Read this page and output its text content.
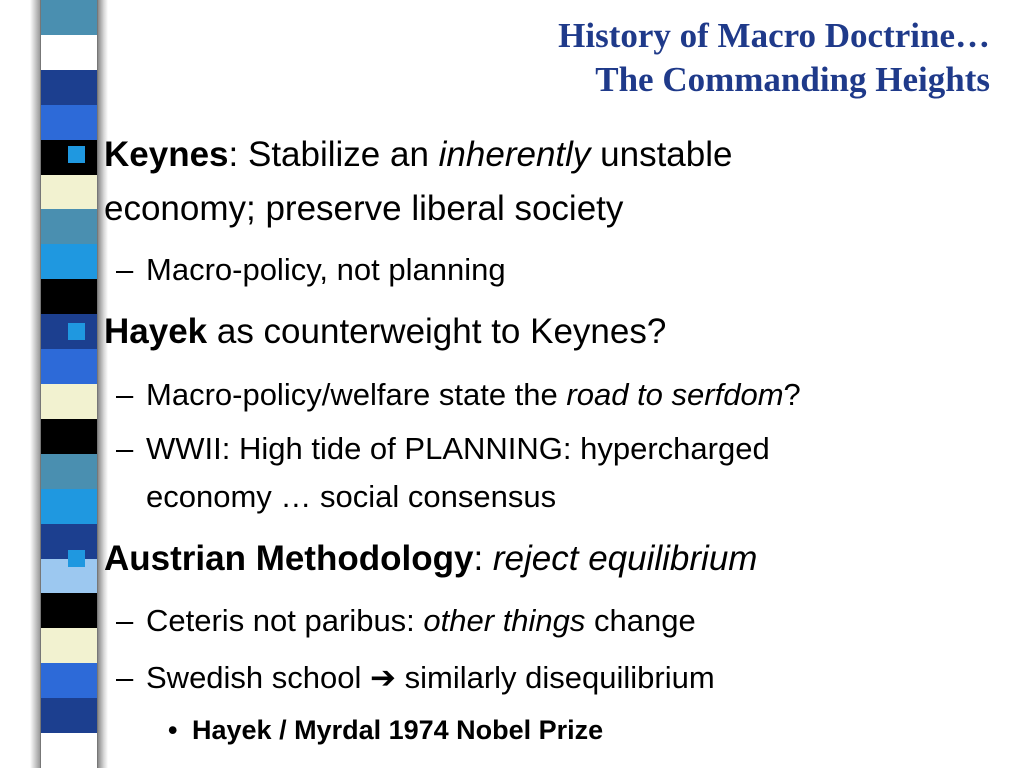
History of Macro Doctrine…
The Commanding Heights
Keynes: Stabilize an inherently unstable
economy; preserve liberal society
– Macro-policy, not planning
Hayek as counterweight to Keynes?
– Macro-policy/welfare state the road to serfdom?
– WWII: High tide of PLANNING: hypercharged
economy … social consensus
Austrian Methodology: reject equilibrium
– Ceteris not paribus: other things change
– Swedish school ➔ similarly disequilibrium
• Hayek / Myrdal 1974 Nobel Prize
